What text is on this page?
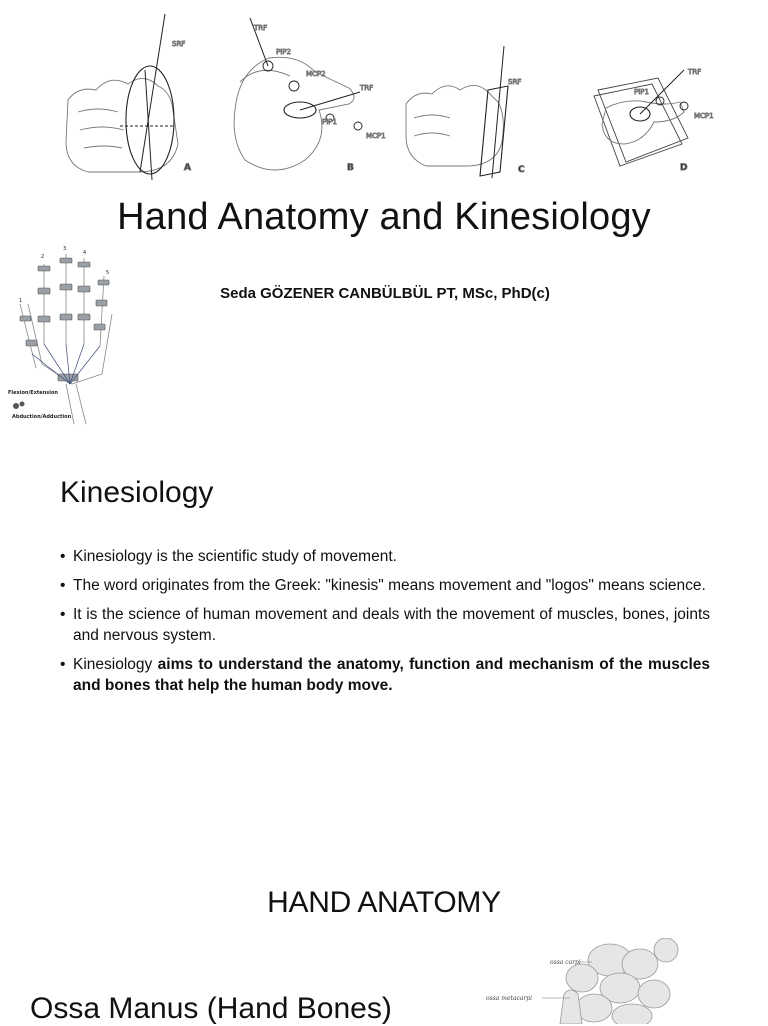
SRF
A
TRF
PIP2
MCP2
TRF
PIP1
MCP1
B
SRF
C
TRF
PIP1
MCP1
D
Hand Anatomy and Kinesiology
1
2
3
4
5
Flexion/Extension
Abduction/Adduction
Seda GÖZENER CANBÜLBÜL PT, MSc, PhD(c)
Kinesiology
• Kinesiology is the scientific study of movement.
• The word originates from the Greek: "kinesis" means movement and "logos" means science.
• It is the science of human movement and deals with the movement of muscles, bones, joints and nervous system.
• Kinesiology aims to understand the anatomy, function and mechanism of the muscles and bones that help the human body move.
HAND ANATOMY
Ossa Manus (Hand Bones)
ossa carpi
ossa metacarpi
